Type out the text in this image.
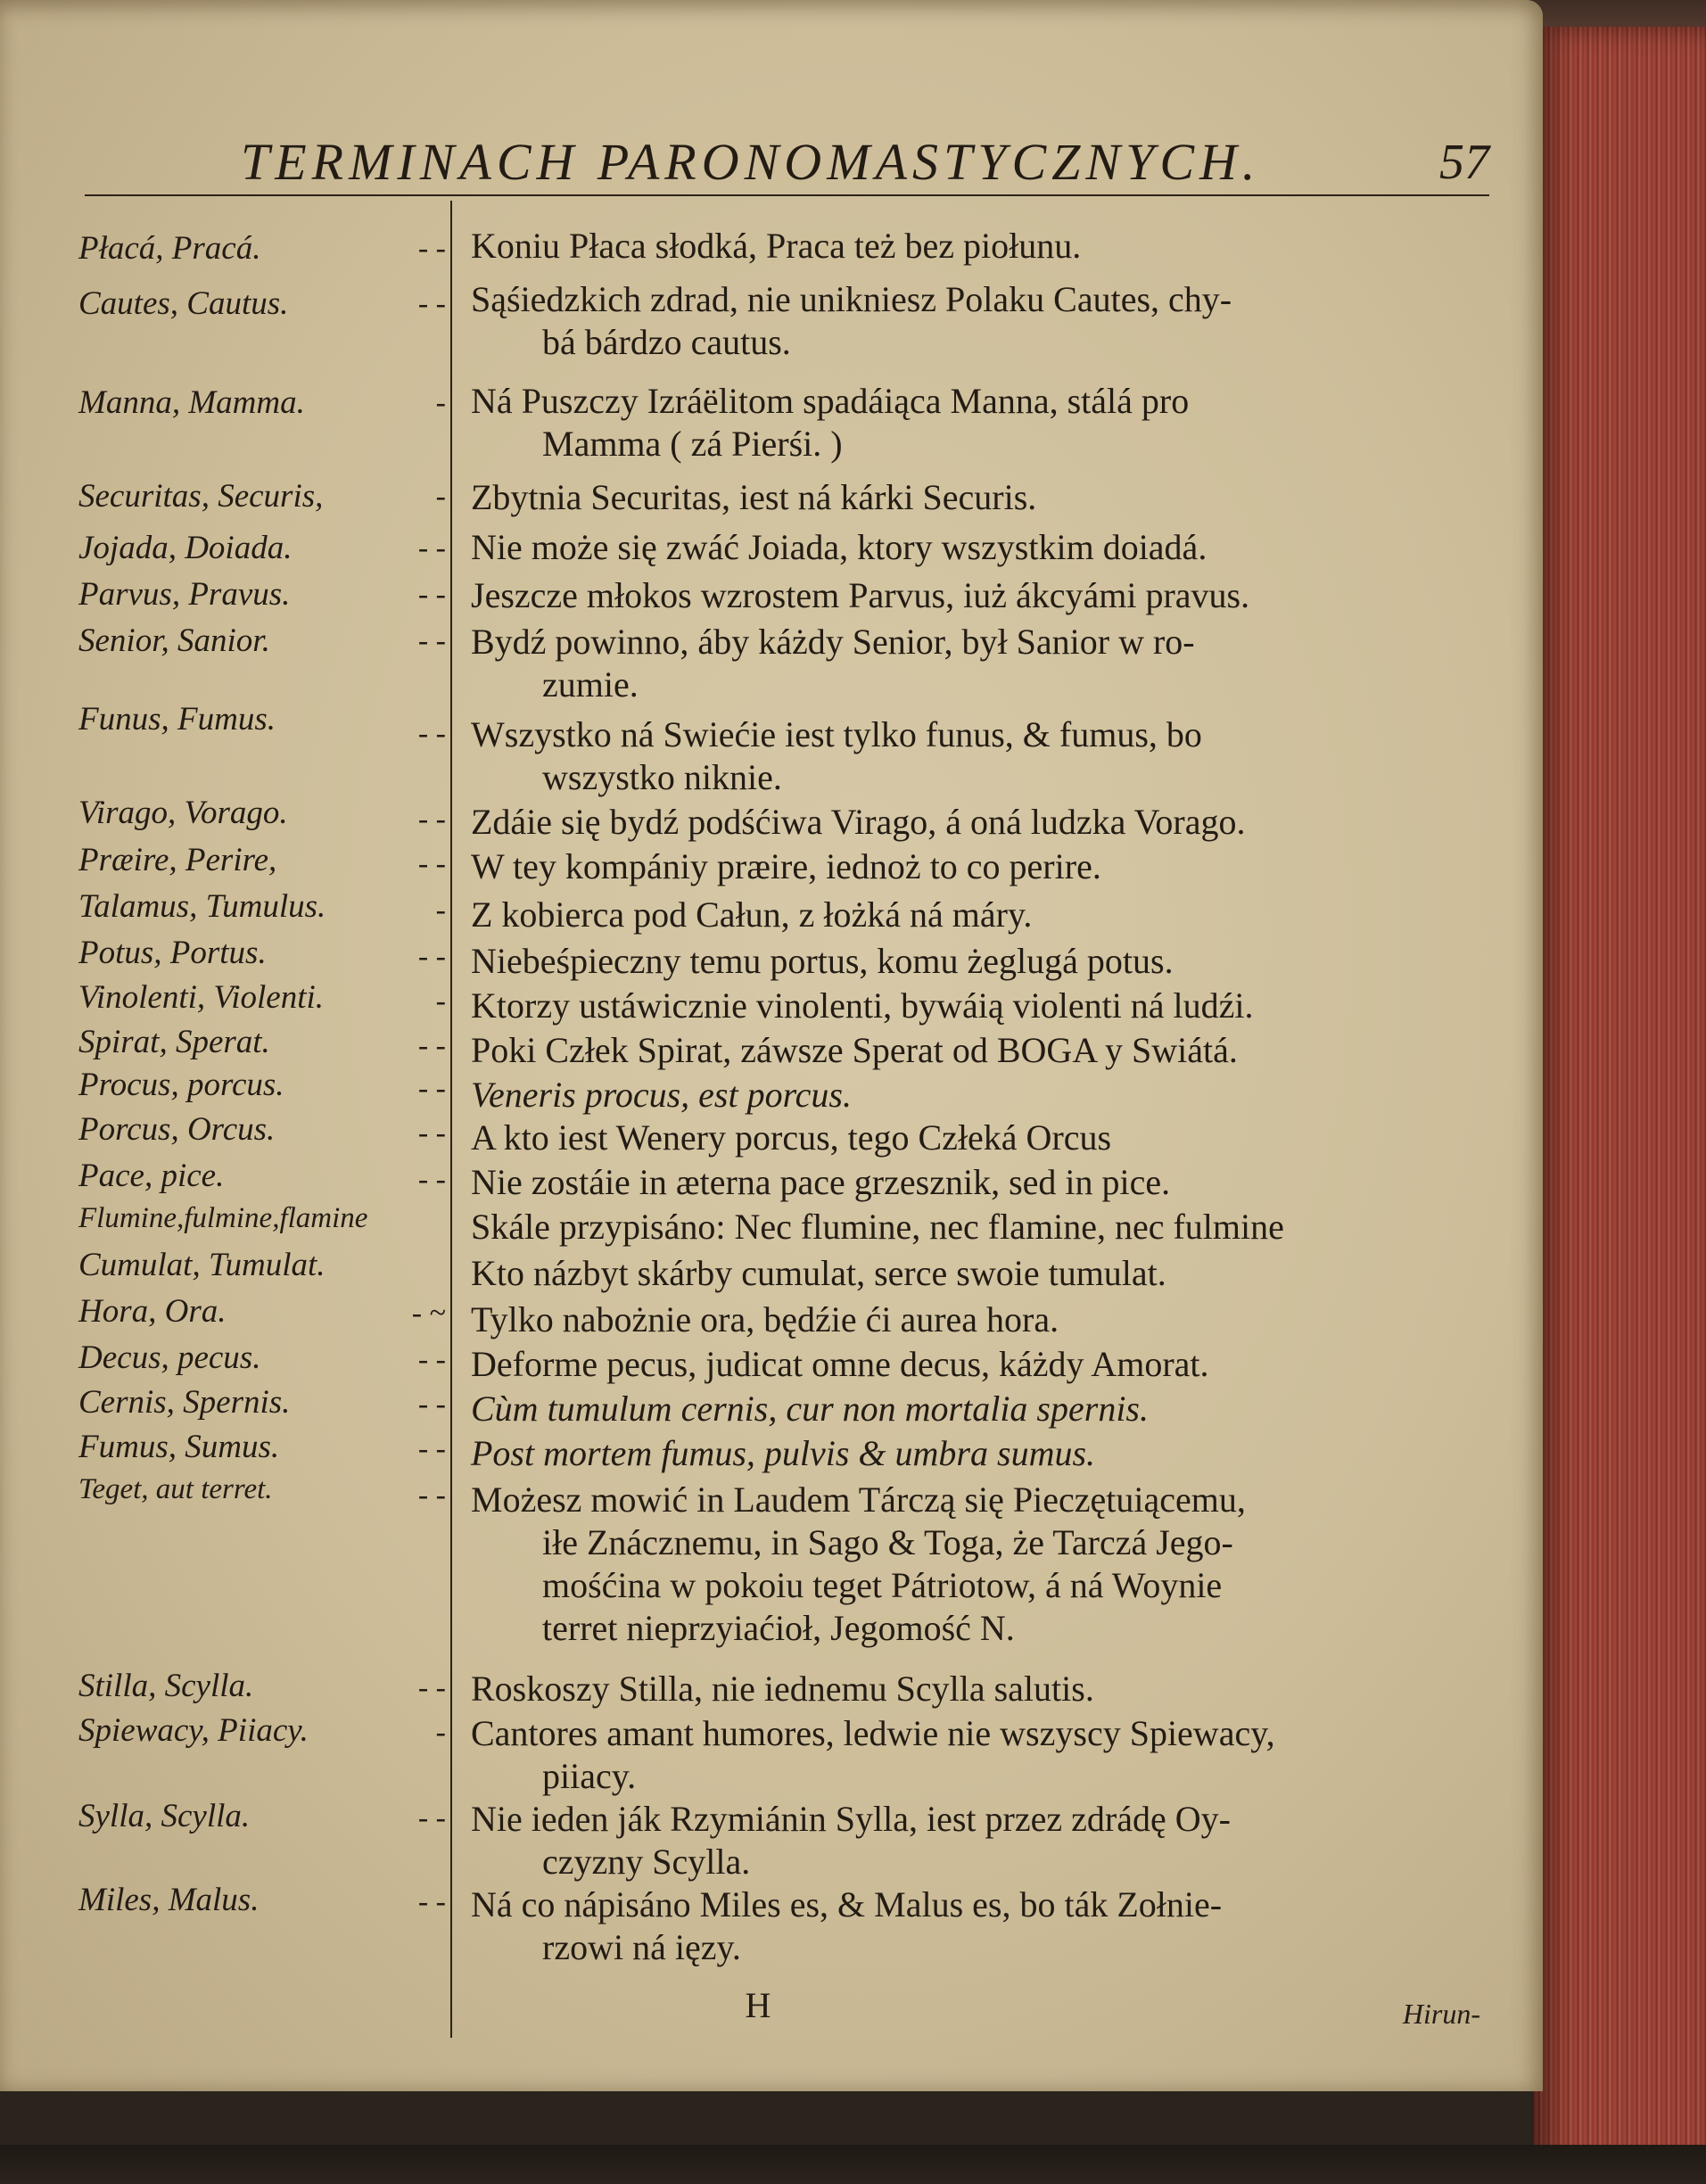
TERMINACH PARONOMASTYCZNYCH.	57
Płacá, Pracá.	- - Koniu Płaca słodká, Praca też bez piołunu.
Cautes, Cautus.	- - Sąśiedzkich zdrad, nie unikniesz Polaku Cautes, chy-
bá bárdzo cautus.
Manna, Mamma.	- Ná Puszczy Izráëlitom spadáiąca Manna, stálá pro
Mamma ( zá Pierśi. )
Securitas, Securis,	- Zbytnia Securitas, iest ná kárki Securis.
Jojada, Doiada.	- - Nie może się zwáć Joiada, ktory wszystkim doiadá.
Parvus, Pravus.	- - Jeszcze młokos wzrostem Parvus, iuż ákcyámi pravus.
Senior, Sanior.	- - Bydź powinno, áby káżdy Senior, był Sanior w ro-
zumie.
Funus, Fumus.	- - Wszystko ná Swiećie iest tylko funus, & fumus, bo
wszystko niknie.
Virago, Vorago.	- - Zdáie się bydź podśćiwa Virago, á oná ludzka Vorago.
Præire, Perire,	- - W tey kompániy præire, iednoż to co perire.
Talamus, Tumulus.	- Z kobierca pod Całun, z łożká ná máry.
Potus, Portus.	- - Niebeśpieczny temu portus, komu żeglugá potus.
Vinolenti, Violenti.	- Ktorzy ustáwicznie vinolenti, bywáią violenti ná ludźi.
Spirat, Sperat.	- - Poki Człek Spirat, záwsze Sperat od BOGA y Swiátá.
Procus, porcus.	- - Veneris procus, est porcus.
Porcus, Orcus.	- - A kto iest Wenery porcus, tego Człeká Orcus
Pace, pice.	- - Nie zostáie in æterna pace grzesznik, sed in pice.
Flumine,fulmine,flamine	Skále przypisáno: Nec flumine, nec flamine, nec fulmine
Cumulat, Tumulat.	Kto názbyt skárby cumulat, serce swoie tumulat.
Hora, Ora.	- ~ Tylko nabożnie ora, będźie ći aurea hora.
Decus, pecus.	- - Deforme pecus, judicat omne decus, káżdy Amorat.
Cernis, Spernis.	- - Cùm tumulum cernis, cur non mortalia spernis.
Fumus, Sumus.	- - Post mortem fumus, pulvis & umbra sumus.
Teget, aut terret.	- - Możesz mowić in Laudem Tárczą się Pieczętuiącemu,
iłe Znácznemu, in Sago & Toga, że Tarczá Jego-
mośćina w pokoiu teget Pátriotow, á ná Woynie
terret nieprzyiaćioł, Jegomość N.
Stilla, Scylla.	- - Roskoszy Stilla, nie iednemu Scylla salutis.
Spiewacy, Piiacy.	- Cantores amant humores, ledwie nie wszyscy Spiewacy,
piiacy.
Sylla, Scylla.	- - Nie ieden ják Rzymiánin Sylla, iest przez zdrádę Oy-
czyzny Scylla.
Miles, Malus.	- - Ná co nápisáno Miles es, & Malus es, bo ták Zołnie-
rzowi ná ięzy.
H	Hirun-
